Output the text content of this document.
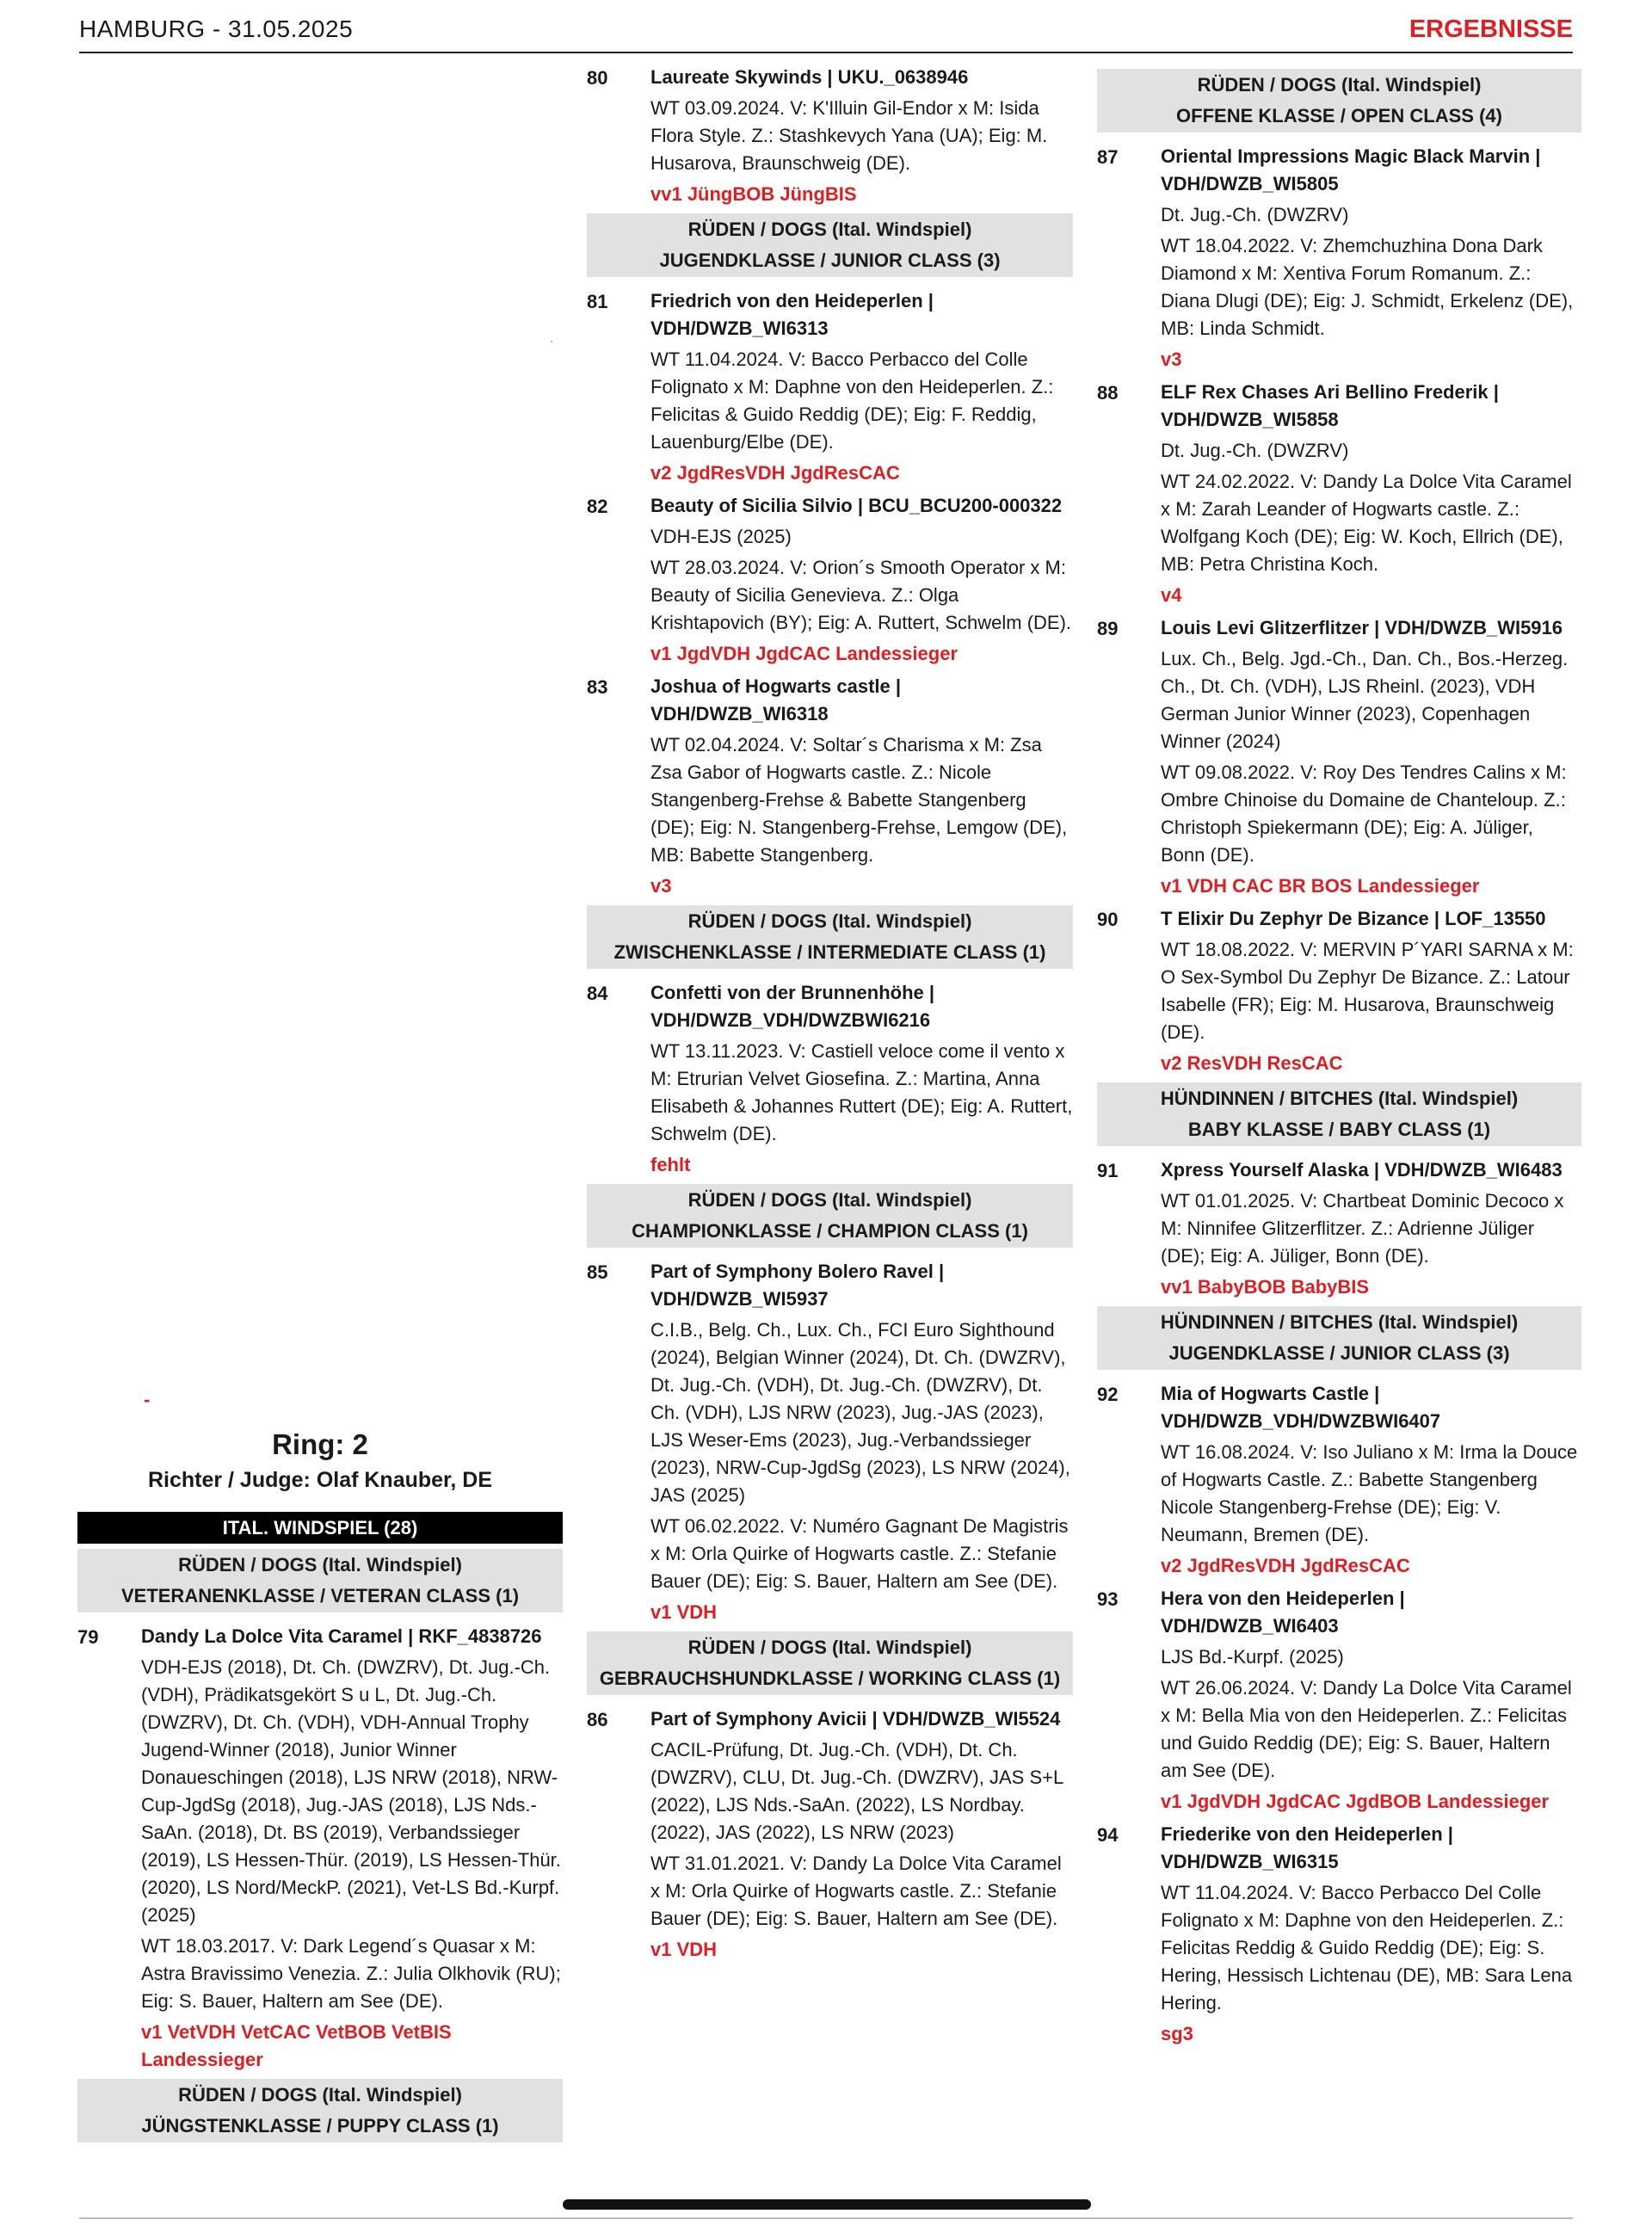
HAMBURG - 31.05.2025	ERGEBNISSE
-
Ring: 2
Richter / Judge: Olaf Knauber, DE
ITAL. WINDSPIEL (28)
RÜDEN / DOGS (Ital. Windspiel)
VETERANENKLASSE / VETERAN CLASS (1)
79	Dandy La Dolce Vita Caramel | RKF_4838726
VDH-EJS (2018), Dt. Ch. (DWZRV), Dt. Jug.-Ch. (VDH), Prädikatsgekört S u L, Dt. Jug.-Ch. (DWZRV), Dt. Ch. (VDH), VDH-Annual Trophy Jugend-Winner (2018), Junior Winner Donaueschingen (2018), LJS NRW (2018), NRW-Cup-JgdSg (2018), Jug.-JAS (2018), LJS Nds.-SaAn. (2018), Dt. BS (2019), Verbandssieger (2019), LS Hessen-Thür. (2019), LS Hessen-Thür. (2020), LS Nord/MeckP. (2021), Vet-LS Bd.-Kurpf. (2025)
WT 18.03.2017. V: Dark Legend´s Quasar x M: Astra Bravissimo Venezia. Z.: Julia Olkhovik (RU); Eig: S. Bauer, Haltern am See (DE).
v1 VetVDH VetCAC VetBOB VetBIS Landessieger
RÜDEN / DOGS (Ital. Windspiel)
JÜNGSTENKLASSE / PUPPY CLASS (1)
80	Laureate Skywinds | UKU._0638946
WT 03.09.2024. V: K'Illuin Gil-Endor x M: Isida Flora Style. Z.: Stashkevych Yana (UA); Eig: M. Husarova, Braunschweig (DE).
vv1 JüngBOB JüngBIS
RÜDEN / DOGS (Ital. Windspiel)
JUGENDKLASSE / JUNIOR CLASS (3)
81	Friedrich von den Heideperlen | VDH/DWZB_WI6313
WT 11.04.2024. V: Bacco Perbacco del Colle Folignato x M: Daphne von den Heideperlen. Z.: Felicitas & Guido Reddig (DE); Eig: F. Reddig, Lauenburg/Elbe (DE).
v2 JgdResVDH JgdResCAC
82	Beauty of Sicilia Silvio | BCU_BCU200-000322
VDH-EJS (2025)
WT 28.03.2024. V: Orion´s Smooth Operator x M: Beauty of Sicilia Genevieva. Z.: Olga Krishtapovich (BY); Eig: A. Ruttert, Schwelm (DE).
v1 JgdVDH JgdCAC Landessieger
83	Joshua of Hogwarts castle | VDH/DWZB_WI6318
WT 02.04.2024. V: Soltar´s Charisma x M: Zsa Zsa Gabor of Hogwarts castle. Z.: Nicole Stangenberg-Frehse & Babette Stangenberg (DE); Eig: N. Stangenberg-Frehse, Lemgow (DE), MB: Babette Stangenberg.
v3
RÜDEN / DOGS (Ital. Windspiel)
ZWISCHENKLASSE / INTERMEDIATE CLASS (1)
84	Confetti von der Brunnenhöhe | VDH/DWZB_VDH/DWZBWI6216
WT 13.11.2023. V: Castiell veloce come il vento x M: Etrurian Velvet Giosefina. Z.: Martina, Anna Elisabeth & Johannes Ruttert (DE); Eig: A. Ruttert, Schwelm (DE).
fehlt
RÜDEN / DOGS (Ital. Windspiel)
CHAMPIONKLASSE / CHAMPION CLASS (1)
85	Part of Symphony Bolero Ravel | VDH/DWZB_WI5937
C.I.B., Belg. Ch., Lux. Ch., FCI Euro Sighthound (2024), Belgian Winner (2024), Dt. Ch. (DWZRV), Dt. Jug.-Ch. (VDH), Dt. Jug.-Ch. (DWZRV), Dt. Ch. (VDH), LJS NRW (2023), Jug.-JAS (2023), LJS Weser-Ems (2023), Jug.-Verbandssieger (2023), NRW-Cup-JgdSg (2023), LS NRW (2024), JAS (2025)
WT 06.02.2022. V: Numéro Gagnant De Magistris x M: Orla Quirke of Hogwarts castle. Z.: Stefanie Bauer (DE); Eig: S. Bauer, Haltern am See (DE).
v1 VDH
RÜDEN / DOGS (Ital. Windspiel)
GEBRAUCHSHUNDKLASSE / WORKING CLASS (1)
86	Part of Symphony Avicii | VDH/DWZB_WI5524
CACIL-Prüfung, Dt. Jug.-Ch. (VDH), Dt. Ch. (DWZRV), CLU, Dt. Jug.-Ch. (DWZRV), JAS S+L (2022), LJS Nds.-SaAn. (2022), LS Nordbay. (2022), JAS (2022), LS NRW (2023)
WT 31.01.2021. V: Dandy La Dolce Vita Caramel x M: Orla Quirke of Hogwarts castle. Z.: Stefanie Bauer (DE); Eig: S. Bauer, Haltern am See (DE).
v1 VDH
RÜDEN / DOGS (Ital. Windspiel)
OFFENE KLASSE / OPEN CLASS (4)
87	Oriental Impressions Magic Black Marvin | VDH/DWZB_WI5805
Dt. Jug.-Ch. (DWZRV)
WT 18.04.2022. V: Zhemchuzhina Dona Dark Diamond x M: Xentiva Forum Romanum. Z.: Diana Dlugi (DE); Eig: J. Schmidt, Erkelenz (DE), MB: Linda Schmidt.
v3
88	ELF Rex Chases Ari Bellino Frederik | VDH/DWZB_WI5858
Dt. Jug.-Ch. (DWZRV)
WT 24.02.2022. V: Dandy La Dolce Vita Caramel x M: Zarah Leander of Hogwarts castle. Z.: Wolfgang Koch (DE); Eig: W. Koch, Ellrich (DE), MB: Petra Christina Koch.
v4
89	Louis Levi Glitzerflitzer | VDH/DWZB_WI5916
Lux. Ch., Belg. Jgd.-Ch., Dan. Ch., Bos.-Herzeg. Ch., Dt. Ch. (VDH), LJS Rheinl. (2023), VDH German Junior Winner (2023), Copenhagen Winner (2024)
WT 09.08.2022. V: Roy Des Tendres Calins x M: Ombre Chinoise du Domaine de Chanteloup. Z.: Christoph Spiekermann (DE); Eig: A. Jüliger, Bonn (DE).
v1 VDH CAC BR BOS Landessieger
90	T Elixir Du Zephyr De Bizance | LOF_13550
WT 18.08.2022. V: MERVIN P´YARI SARNA x M: O Sex-Symbol Du Zephyr De Bizance. Z.: Latour Isabelle (FR); Eig: M. Husarova, Braunschweig (DE).
v2 ResVDH ResCAC
HÜNDINNEN / BITCHES (Ital. Windspiel)
BABY KLASSE / BABY CLASS (1)
91	Xpress Yourself Alaska | VDH/DWZB_WI6483
WT 01.01.2025. V: Chartbeat Dominic Decoco x M: Ninnifee Glitzerflitzer. Z.: Adrienne Jüliger (DE); Eig: A. Jüliger, Bonn (DE).
vv1 BabyBOB BabyBIS
HÜNDINNEN / BITCHES (Ital. Windspiel)
JUGENDKLASSE / JUNIOR CLASS (3)
92	Mia of Hogwarts Castle | VDH/DWZB_VDH/DWZBWI6407
WT 16.08.2024. V: Iso Juliano x M: Irma la Douce of Hogwarts Castle. Z.: Babette Stangenberg Nicole Stangenberg-Frehse (DE); Eig: V. Neumann, Bremen (DE).
v2 JgdResVDH JgdResCAC
93	Hera von den Heideperlen | VDH/DWZB_WI6403
LJS Bd.-Kurpf. (2025)
WT 26.06.2024. V: Dandy La Dolce Vita Caramel x M: Bella Mia von den Heideperlen. Z.: Felicitas und Guido Reddig (DE); Eig: S. Bauer, Haltern am See (DE).
v1 JgdVDH JgdCAC JgdBOB Landessieger
94	Friederike von den Heideperlen | VDH/DWZB_WI6315
WT 11.04.2024. V: Bacco Perbacco Del Colle Folignato x M: Daphne von den Heideperlen. Z.: Felicitas Reddig & Guido Reddig (DE); Eig: S. Hering, Hessisch Lichtenau (DE), MB: Sara Lena Hering.
sg3
